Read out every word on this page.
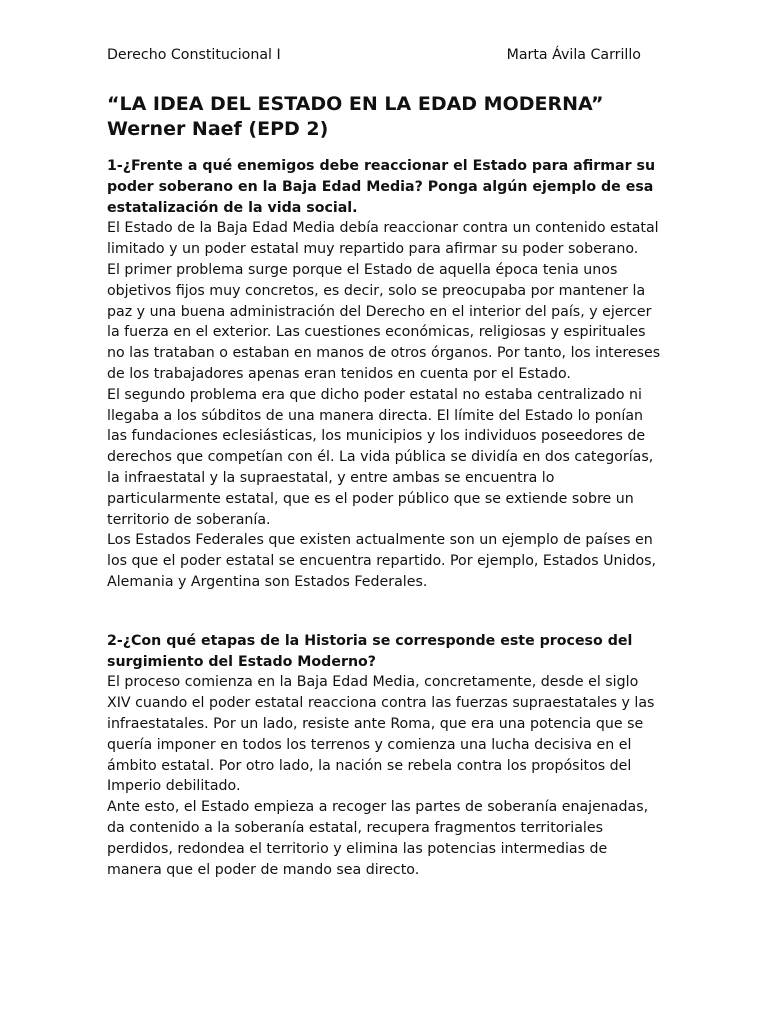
Derecho Constitucional I	Marta Ávila Carrillo
“LA IDEA DEL ESTADO EN LA EDAD MODERNA”
Werner Naef (EPD 2)

1-¿Frente a qué enemigos debe reaccionar el Estado para afirmar su poder soberano en la Baja Edad Media? Ponga algún ejemplo de esa estatalización de la vida social.

El Estado de la Baja Edad Media debía reaccionar contra un contenido estatal limitado y un poder estatal muy repartido para afirmar su poder soberano.

El primer problema surge porque el Estado de aquella época tenia unos objetivos fijos muy concretos, es decir, solo se preocupaba por mantener la paz y una buena administración del Derecho en el interior del país, y ejercer la fuerza en el exterior. Las cuestiones económicas, religiosas y espirituales no las trataban o estaban en manos de otros órganos. Por tanto, los intereses de los trabajadores apenas eran tenidos en cuenta por el Estado.

El segundo problema era que dicho poder estatal no estaba centralizado ni llegaba a los súbditos de una manera directa. El límite del Estado lo ponían las fundaciones eclesiásticas, los municipios y los individuos poseedores de derechos que competían con él. La vida pública se dividía en dos categorías, la infraestatal y la supraestatal, y entre ambas se encuentra lo particularmente estatal, que es el poder público que se extiende sobre un territorio de soberanía.

Los Estados Federales que existen actualmente son un ejemplo de países en los que el poder estatal se encuentra repartido. Por ejemplo, Estados Unidos, Alemania y Argentina son Estados Federales.

2-¿Con qué etapas de la Historia se corresponde este proceso del surgimiento del Estado Moderno?

El proceso comienza en la Baja Edad Media, concretamente, desde el siglo XIV cuando el poder estatal reacciona contra las fuerzas supraestatales y las infraestatales. Por un lado, resiste ante Roma, que era una potencia que se quería imponer en todos los terrenos y comienza una lucha decisiva en el ámbito estatal. Por otro lado, la nación se rebela contra los propósitos del Imperio debilitado.

Ante esto, el Estado empieza a recoger las partes de soberanía enajenadas, da contenido a la soberanía estatal, recupera fragmentos territoriales perdidos, redondea el territorio y elimina las potencias intermedias de manera que el poder de mando sea directo.
